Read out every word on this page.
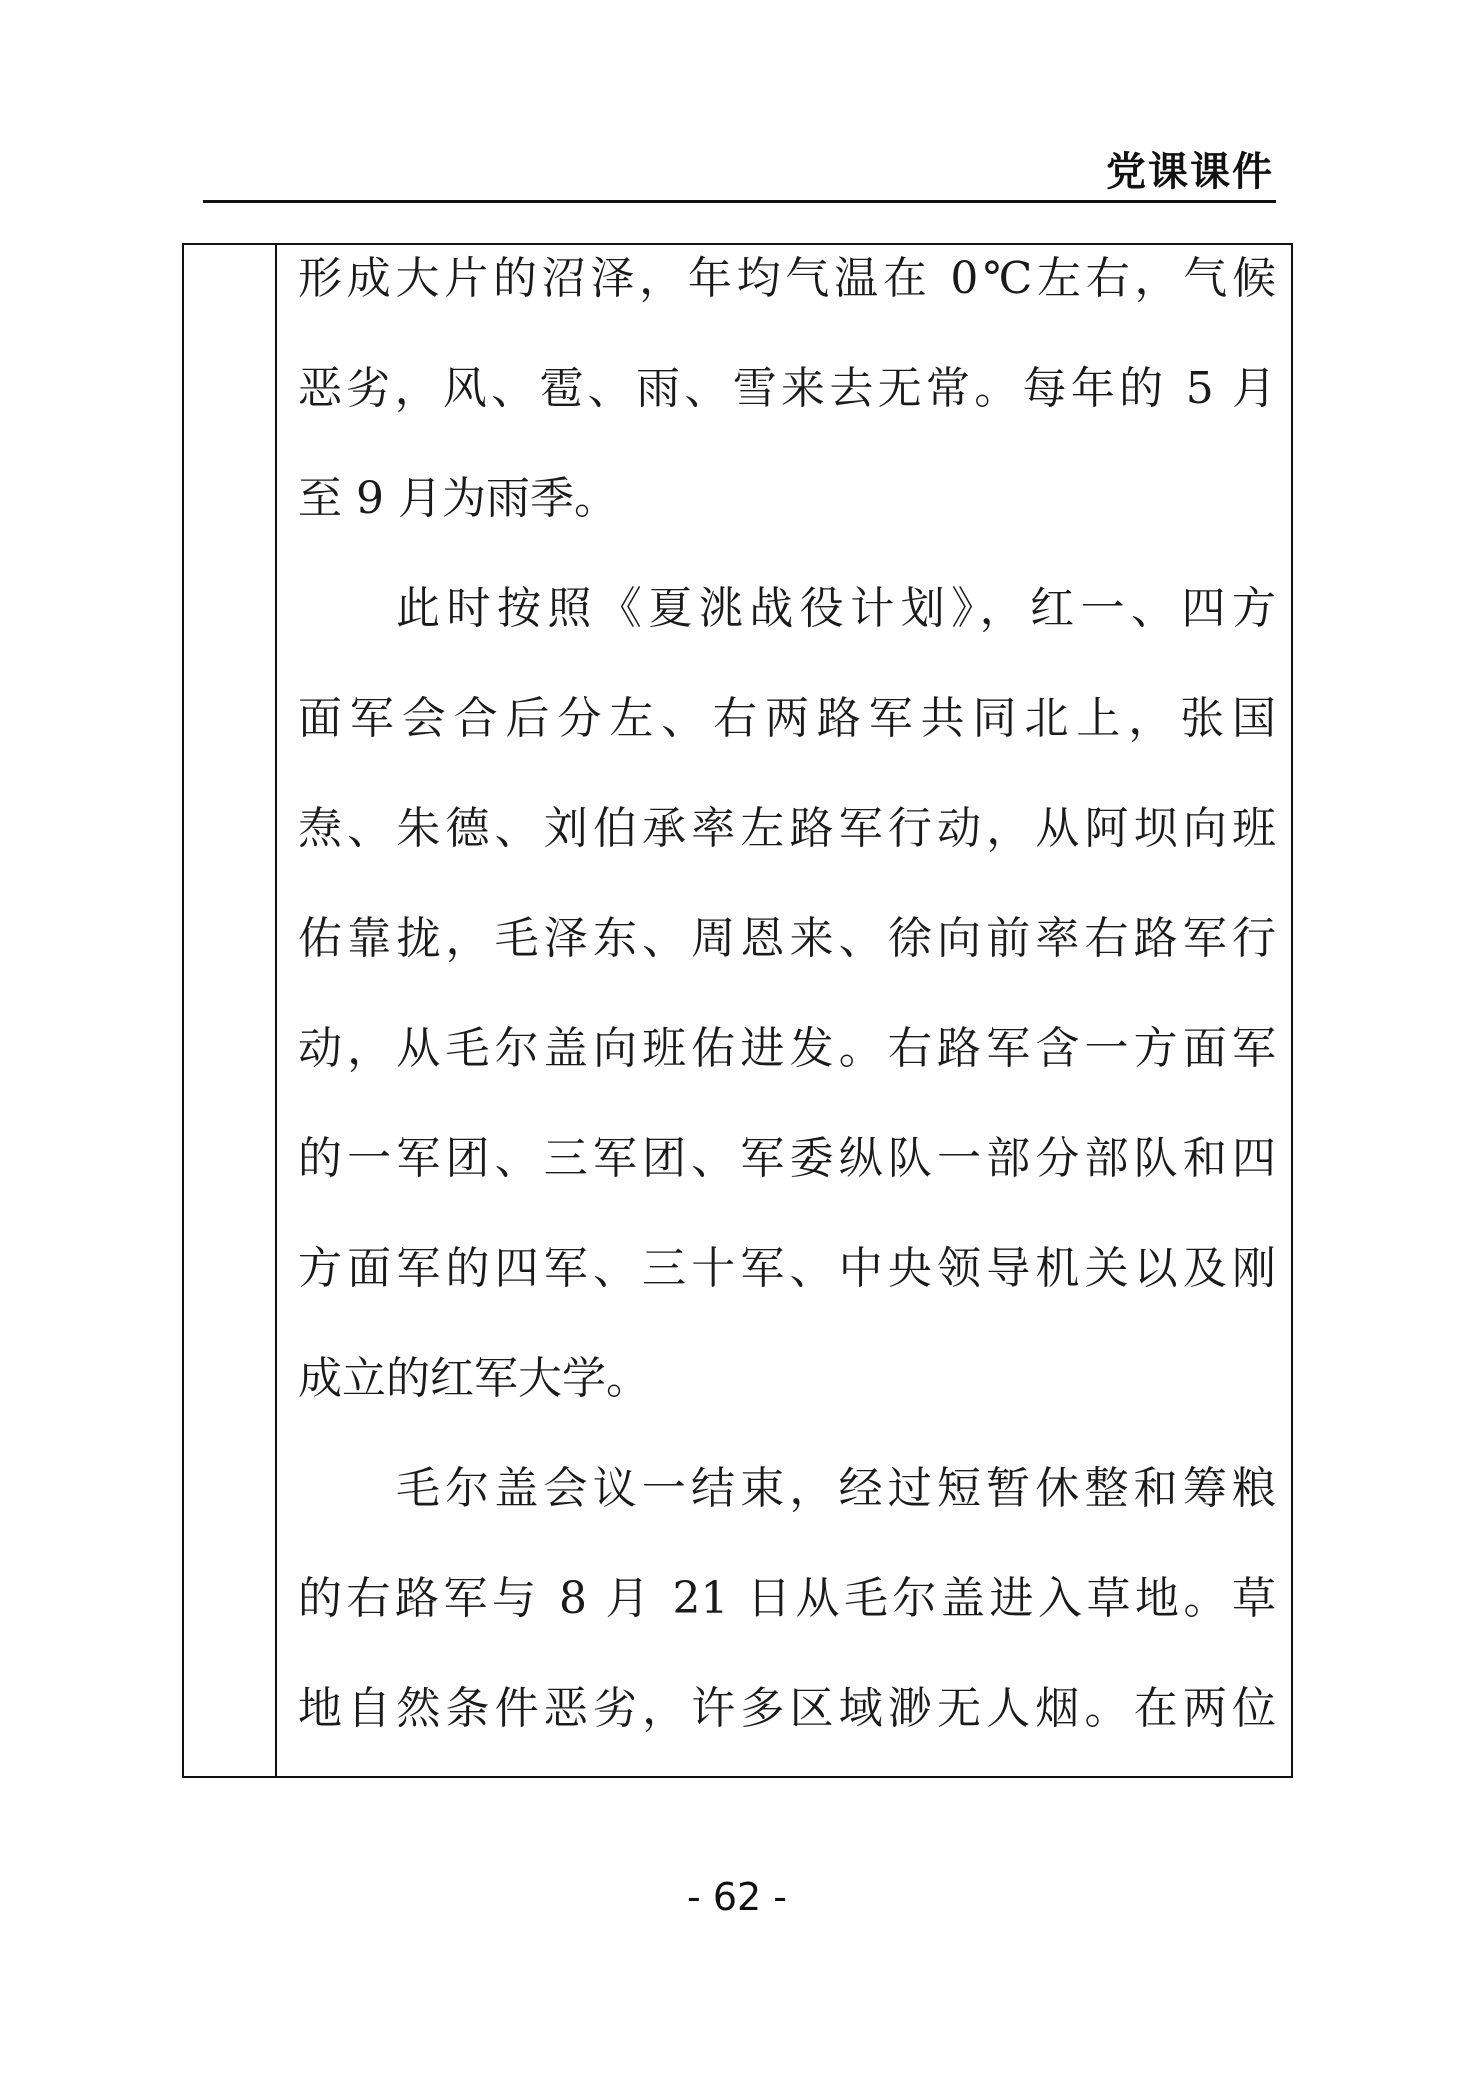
党课课件
形成大片的沼泽，年均气温在 0℃左右，气候
恶劣，风、雹、雨、雪来去无常。每年的 5 月
至 9 月为雨季。
此时按照《夏洮战役计划》，红一、四方
面军会合后分左、右两路军共同北上，张国
焘、朱德、刘伯承率左路军行动，从阿坝向班
佑靠拢，毛泽东、周恩来、徐向前率右路军行
动，从毛尔盖向班佑进发。右路军含一方面军
的一军团、三军团、军委纵队一部分部队和四
方面军的四军、三十军、中央领导机关以及刚
成立的红军大学。
毛尔盖会议一结束，经过短暂休整和筹粮
的右路军与 8 月 21 日从毛尔盖进入草地。草
地自然条件恶劣，许多区域渺无人烟。在两位
- 62 -
